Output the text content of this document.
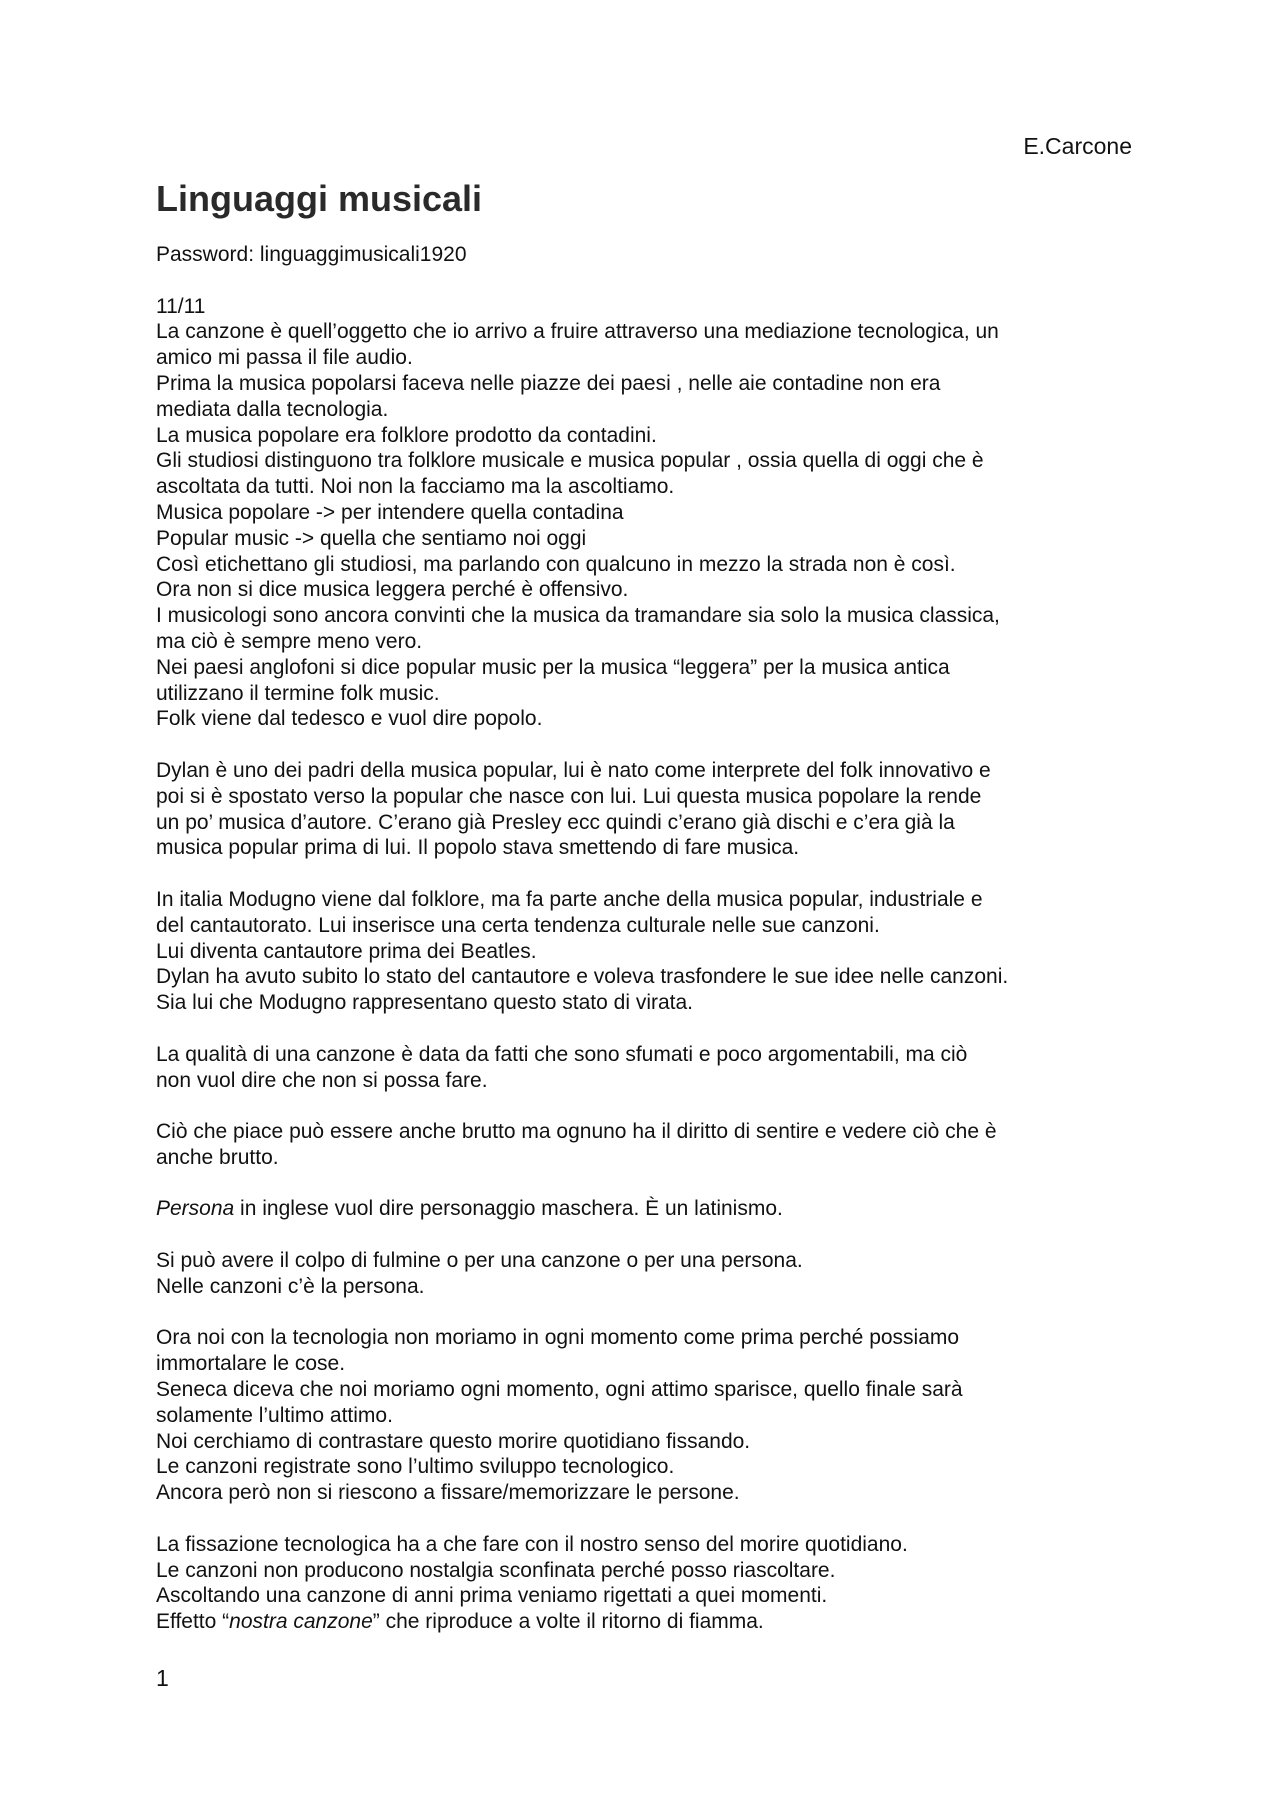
E.Carcone
Linguaggi musicali

Password: linguaggimusicali1920

11/11

La canzone è quell’oggetto che io arrivo a fruire attraverso una mediazione tecnologica, un
amico mi passa il file audio.
Prima la musica popolarsi faceva nelle piazze dei paesi , nelle aie contadine non era
mediata dalla tecnologia.
La musica popolare era folklore prodotto da contadini.
Gli studiosi distinguono tra folklore musicale e musica popular , ossia quella di oggi che è
ascoltata da tutti. Noi non la facciamo ma la ascoltiamo.
Musica popolare -> per intendere quella contadina
Popular music -> quella che sentiamo noi oggi
Così etichettano gli studiosi, ma parlando con qualcuno in mezzo la strada non è così.
Ora non si dice musica leggera perché è offensivo.
I musicologi sono ancora convinti che la musica da tramandare sia solo la musica classica,
ma ciò è sempre meno vero.
Nei paesi anglofoni si dice popular music per la musica “leggera” per la musica antica
utilizzano il termine folk music.
Folk viene dal tedesco e vuol dire popolo.

Dylan è uno dei padri della musica popular, lui è nato come interprete del folk innovativo e
poi si è spostato verso la popular che nasce con lui. Lui questa musica popolare la rende
un po’ musica d’autore. C’erano già Presley ecc quindi c’erano già dischi e c’era già la
musica popular prima di lui. Il popolo stava smettendo di fare musica.

In italia Modugno viene dal folklore, ma fa parte anche della musica popular, industriale e
del cantautorato. Lui inserisce una certa tendenza culturale nelle sue canzoni.
Lui diventa cantautore prima dei Beatles.
Dylan ha avuto subito lo stato del cantautore e voleva trasfondere le sue idee nelle canzoni.
Sia lui che Modugno rappresentano questo stato di virata.

La qualità di una canzone è data da fatti che sono sfumati e poco argomentabili, ma ciò
non vuol dire che non si possa fare.

Ciò che piace può essere anche brutto ma ognuno ha il diritto di sentire e vedere ciò che è
anche brutto.

Persona in inglese vuol dire personaggio maschera. È un latinismo.

Si può avere il colpo di fulmine o per una canzone o per una persona.
Nelle canzoni c’è la persona.

Ora noi con la tecnologia non moriamo in ogni momento come prima perché possiamo
immortalare le cose.
Seneca diceva che noi moriamo ogni momento, ogni attimo sparisce, quello finale sarà
solamente l’ultimo attimo.
Noi cerchiamo di contrastare questo morire quotidiano fissando.
Le canzoni registrate sono l’ultimo sviluppo tecnologico.
Ancora però non si riescono a fissare/memorizzare le persone.

La fissazione tecnologica ha a che fare con il nostro senso del morire quotidiano.
Le canzoni non producono nostalgia sconfinata perché posso riascoltare.
Ascoltando una canzone di anni prima veniamo rigettati a quei momenti.
Effetto “nostra canzone” che riproduce a volte il ritorno di fiamma.

1
